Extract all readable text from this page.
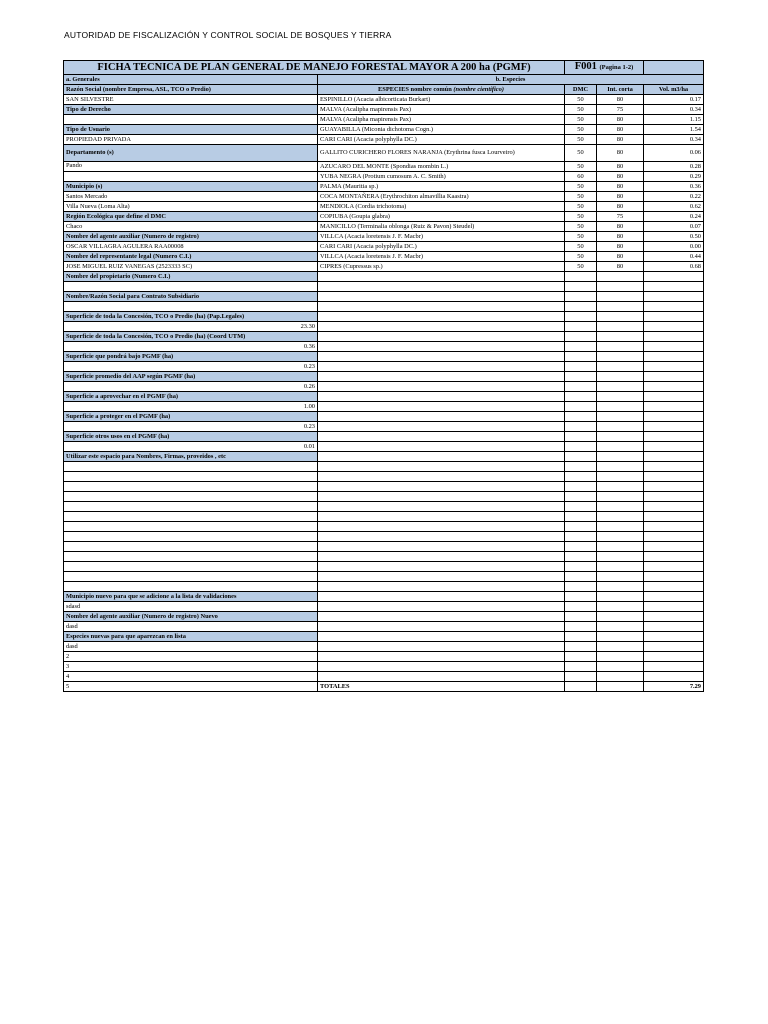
AUTORIDAD DE FISCALIZACIÓN Y CONTROL SOCIAL DE BOSQUES Y TIERRA
FICHA TECNICA DE PLAN GENERAL DE MANEJO FORESTAL MAYOR A 200 ha (PGMF)		F001 (Pagina 1-2)		
a. Generales	b. Especies			
Razón Social (nombre Empresa, ASL, TCO o Predio)	ESPECIES nombre común (nombre científico)	DMC	Int. corta	Vol. m3/ha
SAN SILVESTRE	ESPINILLO (Acacia albicorticata Burkart)	50	80	0.17
Tipo de Derecho	MALVA (Acalipha mapirensis Pax)	50	75	0.34
	MALVA (Acalipha mapirensis Pax)	50	80	1.15
Tipo de Usuario	GUAYABILLA (Miconia dichotoma Cogn.)	50	80	1.54
PROPIEDAD PRIVADA	CARI CARI (Acacia polyphylla DC.)	50	80	0.34
Departamento (s)	GALLITO CURICHERO FLORES NARANJA (Erythrina fusca Lourveiro)	50	80	0.06
Pando	AZUCARO DEL MONTE (Spondias mombin L.)	50	80	0.28
	YUBA NEGRA (Protium cumosum A. C. Smith)	60	80	0.29
Municipio (s)	PALMA (Mauritia sp.)	50	80	0.36
Santos Mercado	COCA MONTAÑERA (Erythrochiton almavillia Kaastra)	50	80	0.22
Villa Nueva (Loma Alta)	MENDIOLA (Cordia trichotoma)	50	80	0.62
Región Ecológica que define el DMC	COPIUBA (Goupia glabra)	50	75	0.24
Chaco	MANICILLO (Terminalia oblonga (Ruiz & Pavon) Steudel)	50	80	0.07
Nombre del agente auxiliar (Numero de registro)	VILLCA (Acacia loretensis J. F. Macbr)	50	80	0.50
OSCAR VILLAGRA AGULERA RAA00008	CARI CARI (Acacia polyphylla DC.)	50	80	0.00
Nombre del representante legal (Numero C.I.)	VILLCA (Acacia loretensis J. F. Macbr)	50	80	0.44
JOSE MIGUEL RUIZ VANEGAS (2523333 SC)	CIPRES (Cupressus sp.)	50	80	0.68
Nombre del propietario (Numero C.I.)				

Nombre/Razón Social para Contrato Subsidiario				

Superficie de toda la Concesión, TCO o Predio (ha) (Pap.Legales)				
23.30				
Superficie de toda la Concesión, TCO o Predio (ha) (Coord UTM)				
0.36				
Superficie que pondrá bajo PGMF (ha)				
0.23				
Superficie promedio del AAP según PGMF (ha)				
0.26				
Superficie a aprovechar en el PGMF (ha)				
1.00				
Superficie a proteger en el PGMF (ha)				
0.23				
Superficie otros usos en el PGMF (ha)				
0.01				
Utilizar este espacio para Nombres, Firmas, proveidos , etc				

Municipio nuevo para que se adicione a la lista de validaciones				
sdasd				
Nombre del agente auxiliar (Numero de registro) Nuevo				
dasd				
Especies nuevas para que aparezcan en lista				
dasd				
2				
3				
4				
5	TOTALES			7.29
